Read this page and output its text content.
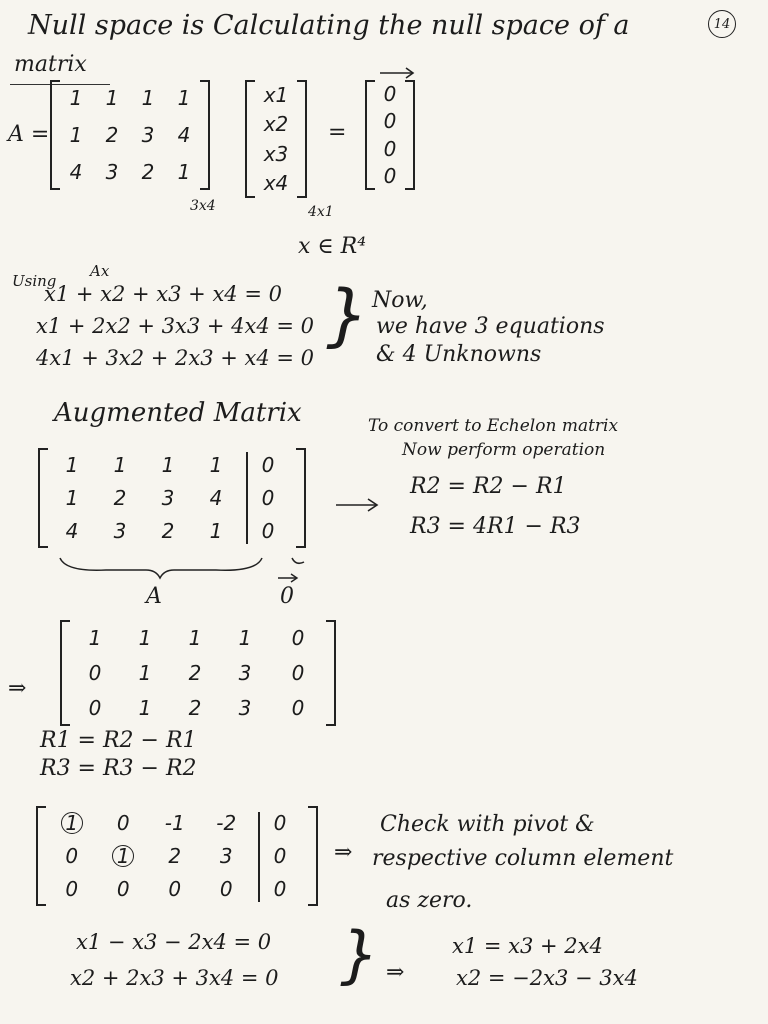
Null space is Calculating the null space of a	14
matrix
A =
1 1 1 1
1 2 3 4
4 3 2 1
3x4
x1
x2
x3
x4
4x1
=
0
0
0
0
x ∈ R⁴
Using
Ax
x1 + x2 + x3 + x4 = 0
x1 + 2x2 + 3x3 + 4x4 = 0
4x1 + 3x2 + 2x3 + x4 = 0
} Now,
we have 3 equations
& 4 Unknowns
Augmented Matrix	To convert to Echelon matrix
Now perform operation
1 1 1 1 0
1 2 3 4 0
4 3 2 1 0
A	0
R2 = R2 − R1
R3 = 4R1 − R3
⇒
1 1 1 1 0
0 1 2 3 0
0 1 2 3 0
R1 = R2 − R1
R3 = R3 − R2
1 0 -1 -2 0
0 1 2 3 0
0 0 0 0 0
⇒
Check with pivot &
respective column element
as zero.
x1 − x3 − 2x4 = 0
x2 + 2x3 + 3x4 = 0 } ⇒
x1 = x3 + 2x4
x2 = −2x3 − 3x4
